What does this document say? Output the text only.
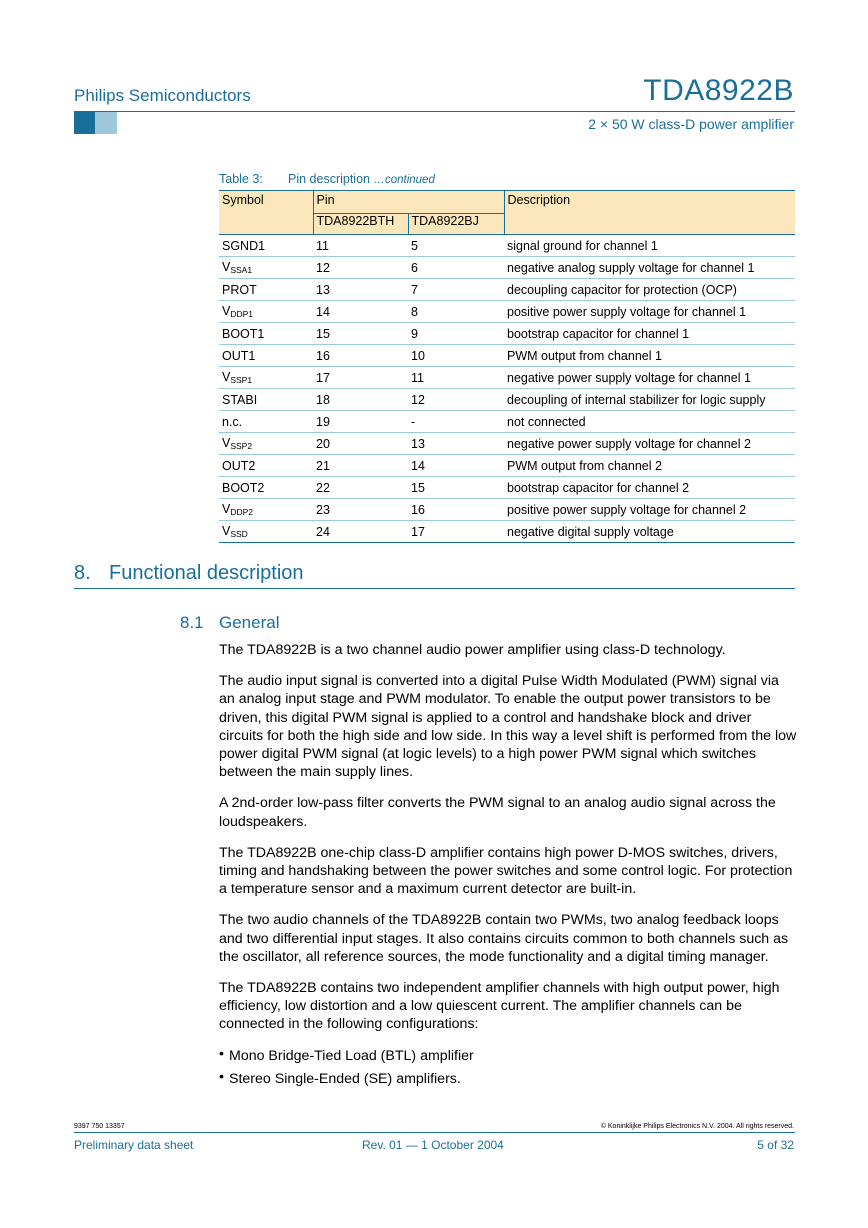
Philips Semiconductors	TDA8922B
2 × 50 W class-D power amplifier
Table 3: Pin description …continued
Symbol	Pin		Description
	TDA8922BTH	TDA8922BJ	
SGND1	11	5	signal ground for channel 1
$V_{SSA1}$	12	6	negative analog supply voltage for channel 1
PROT	13	7	decoupling capacitor for protection (OCP)
$V_{DDP1}$	14	8	positive power supply voltage for channel 1
BOOT1	15	9	bootstrap capacitor for channel 1
OUT1	16	10	PWM output from channel 1
$V_{SSP1}$	17	11	negative power supply voltage for channel 1
STABI	18	12	decoupling of internal stabilizer for logic supply
n.c.	19	-	not connected
$V_{SSP2}$	20	13	negative power supply voltage for channel 2
OUT2	21	14	PWM output from channel 2
BOOT2	22	15	bootstrap capacitor for channel 2
$V_{DDP2}$	23	16	positive power supply voltage for channel 2
$V_{SSD}$	24	17	negative digital supply voltage
8. Functional description
8.1 General

The TDA8922B is a two channel audio power amplifier using class-D technology.

The audio input signal is converted into a digital Pulse Width Modulated (PWM) signal via an analog input stage and PWM modulator. To enable the output power transistors to be driven, this digital PWM signal is applied to a control and handshake block and driver circuits for both the high side and low side. In this way a level shift is performed from the low power digital PWM signal (at logic levels) to a high power PWM signal which switches between the main supply lines.

A 2nd-order low-pass filter converts the PWM signal to an analog audio signal across the loudspeakers.

The TDA8922B one-chip class-D amplifier contains high power D-MOS switches, drivers, timing and handshaking between the power switches and some control logic. For protection a temperature sensor and a maximum current detector are built-in.

The two audio channels of the TDA8922B contain two PWMs, two analog feedback loops and two differential input stages. It also contains circuits common to both channels such as the oscillator, all reference sources, the mode functionality and a digital timing manager.

The TDA8922B contains two independent amplifier channels with high output power, high efficiency, low distortion and a low quiescent current. The amplifier channels can be connected in the following configurations:

• Mono Bridge-Tied Load (BTL) amplifier
• Stereo Single-Ended (SE) amplifiers.
9397 750 13357	© Koninklijke Philips Electronics N.V. 2004. All rights reserved.
Preliminary data sheet	Rev. 01 — 1 October 2004	5 of 32
